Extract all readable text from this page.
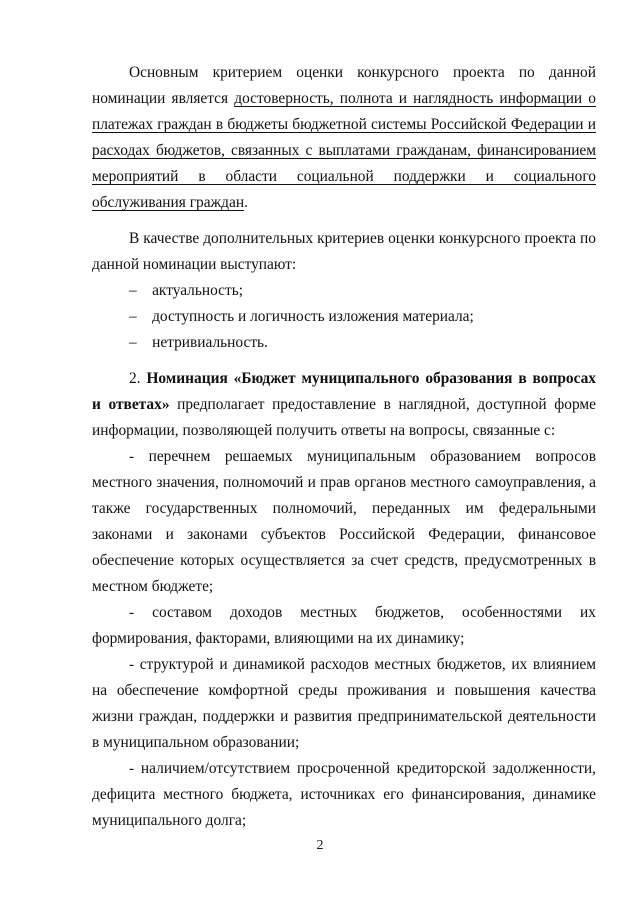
Основным критерием оценки конкурсного проекта по данной номинации является достоверность, полнота и наглядность информации о платежах граждан в бюджеты бюджетной системы Российской Федерации и расходах бюджетов, связанных с выплатами гражданам, финансированием мероприятий в области социальной поддержки и социального обслуживания граждан.

В качестве дополнительных критериев оценки конкурсного проекта по данной номинации выступают:

– актуальность;

– доступность и логичность изложения материала;

– нетривиальность.

2. Номинация «Бюджет муниципального образования в вопросах и ответах» предполагает предоставление в наглядной, доступной форме информации, позволяющей получить ответы на вопросы, связанные с:

- перечнем решаемых муниципальным образованием вопросов местного значения, полномочий и прав органов местного самоуправления, а также государственных полномочий, переданных им федеральными законами и законами субъектов Российской Федерации, финансовое обеспечение которых осуществляется за счет средств, предусмотренных в местном бюджете;

- составом доходов местных бюджетов, особенностями их формирования, факторами, влияющими на их динамику;

- структурой и динамикой расходов местных бюджетов, их влиянием на обеспечение комфортной среды проживания и повышения качества жизни граждан, поддержки и развития предпринимательской деятельности в муниципальном образовании;

- наличием/отсутствием просроченной кредиторской задолженности, дефицита местного бюджета, источниках его финансирования, динамике муниципального долга;

2
